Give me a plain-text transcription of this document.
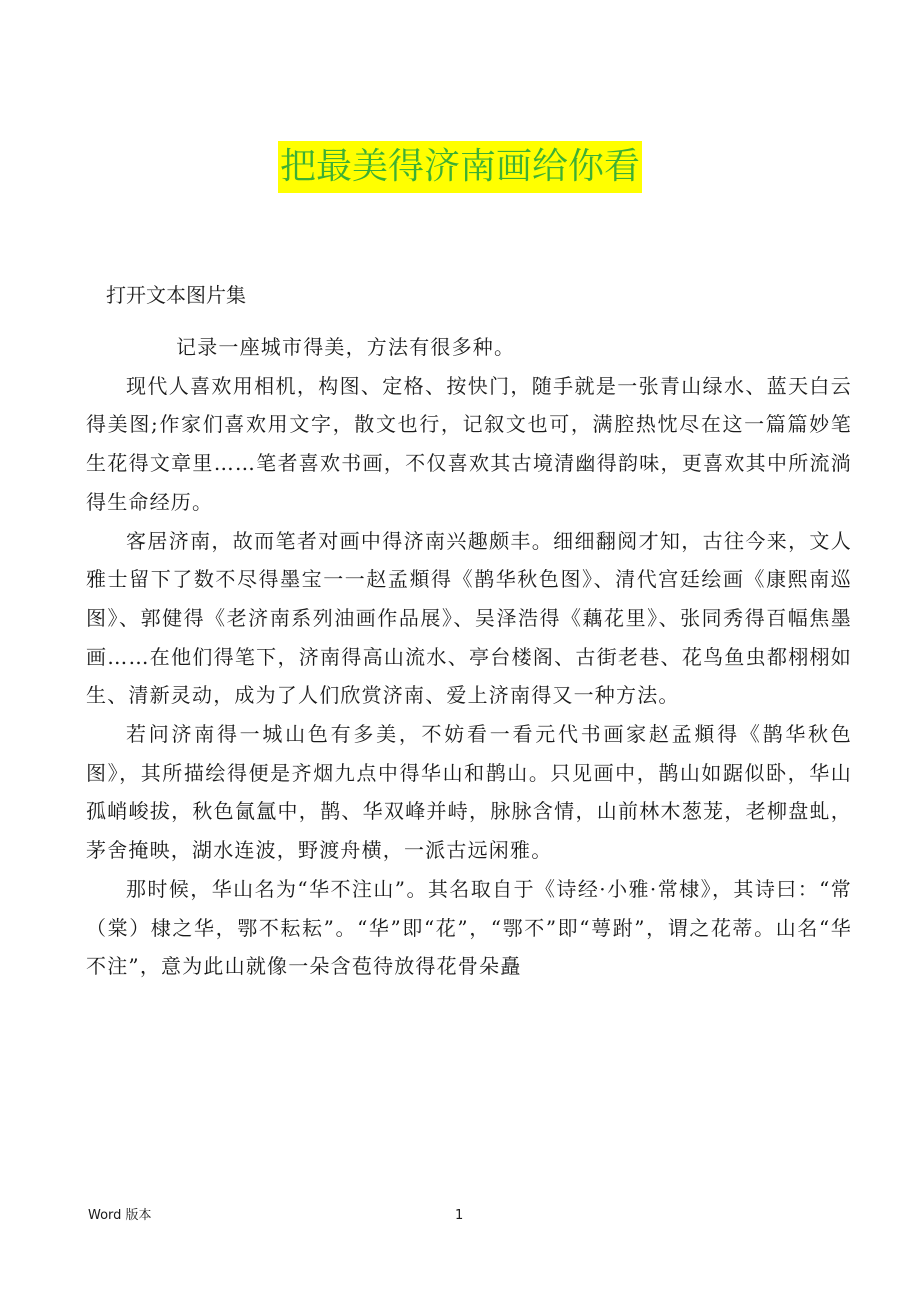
把最美得济南画给你看
打开文本图片集

记录一座城市得美，方法有很多种。

现代人喜欢用相机，构图、定格、按快门，随手就是一张青山绿水、蓝天白云得美图;作家们喜欢用文字，散文也行，记叙文也可，满腔热忱尽在这一篇篇妙笔生花得文章里……笔者喜欢书画，不仅喜欢其古境清幽得韵味，更喜欢其中所流淌得生命经历。

客居济南，故而笔者对画中得济南兴趣颇丰。细细翻阅才知，古往今来，文人雅士留下了数不尽得墨宝一一赵孟頫得《鹊华秋色图》、清代宫廷绘画《康熙南巡图》、郭健得《老济南系列油画作品展》、吴泽浩得《藕花里》、张同秀得百幅焦墨画……在他们得笔下，济南得高山流水、亭台楼阁、古街老巷、花鸟鱼虫都栩栩如生、清新灵动，成为了人们欣赏济南、爱上济南得又一种方法。

若问济南得一城山色有多美，不妨看一看元代书画家赵孟頫得《鹊华秋色图》，其所描绘得便是齐烟九点中得华山和鹊山。只见画中，鹊山如踞似卧，华山孤峭峻拔，秋色氤氲中，鹊、华双峰并峙，脉脉含情，山前林木葱茏，老柳盘虬，茅舍掩映，湖水连波，野渡舟横，一派古远闲雅。

那时候，华山名为“华不注山”。其名取自于《诗经·小雅·常棣》，其诗曰：“常（棠）棣之华，鄂不耘耘”。“华”即“花”，“鄂不”即“萼跗”，谓之花蒂。山名“华不注”，意为此山就像一朵含苞待放得花骨朵矗

Word 版本	1
